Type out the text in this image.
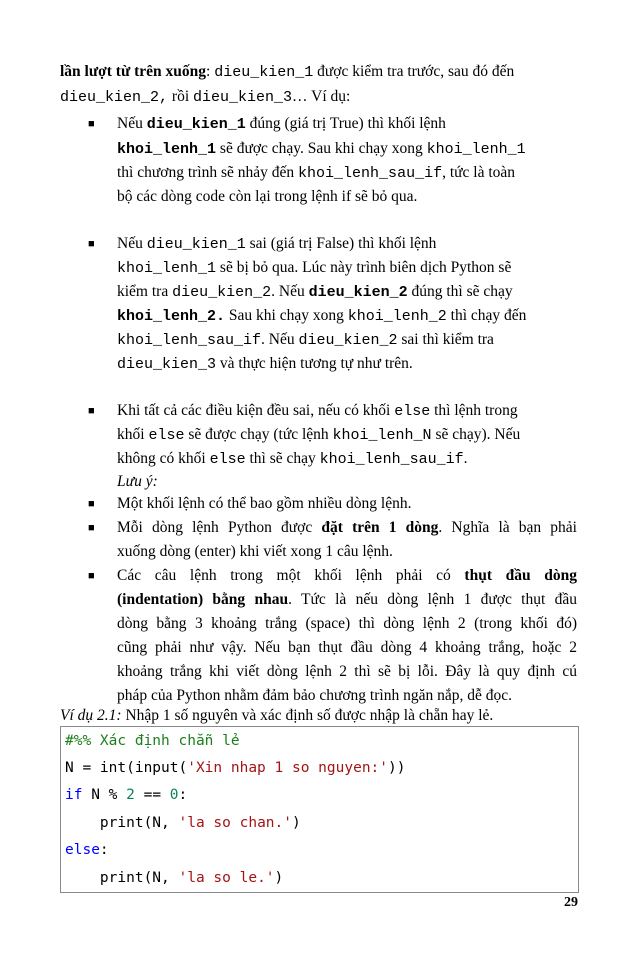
lần lượt từ trên xuống: dieu_kien_1 được kiểm tra trước, sau đó đến
dieu_kien_2, rồi dieu_kien_3… Ví dụ:
■ Nếu dieu_kien_1 đúng (giá trị True) thì khối lệnh
khoi_lenh_1 sẽ được chạy. Sau khi chạy xong khoi_lenh_1
thì chương trình sẽ nhảy đến khoi_lenh_sau_if, tức là toàn
bộ các dòng code còn lại trong lệnh if sẽ bỏ qua.
■ Nếu dieu_kien_1 sai (giá trị False) thì khối lệnh
khoi_lenh_1 sẽ bị bỏ qua. Lúc này trình biên dịch Python sẽ
kiểm tra dieu_kien_2. Nếu dieu_kien_2 đúng thì sẽ chạy
khoi_lenh_2. Sau khi chạy xong khoi_lenh_2 thì chạy đến
khoi_lenh_sau_if. Nếu dieu_kien_2 sai thì kiểm tra
dieu_kien_3 và thực hiện tương tự như trên.
■ Khi tất cả các điều kiện đều sai, nếu có khối else thì lệnh trong
khối else sẽ được chạy (tức lệnh khoi_lenh_N sẽ chạy). Nếu
không có khối else thì sẽ chạy khoi_lenh_sau_if.
Lưu ý:
■ Một khối lệnh có thể bao gồm nhiều dòng lệnh.
■ Mỗi dòng lệnh Python được đặt trên 1 dòng. Nghĩa là bạn phải
xuống dòng (enter) khi viết xong 1 câu lệnh.
■ Các câu lệnh trong một khối lệnh phải có thụt đầu dòng
(indentation) bằng nhau. Tức là nếu dòng lệnh 1 được thụt đầu
dòng bằng 3 khoảng trắng (space) thì dòng lệnh 2 (trong khối đó)
cũng phải như vậy. Nếu bạn thụt đầu dòng 4 khoảng trắng, hoặc 2
khoảng trắng khi viết dòng lệnh 2 thì sẽ bị lỗi. Đây là quy định cú
pháp của Python nhằm đảm bảo chương trình ngăn nắp, dễ đọc.
Ví dụ 2.1: Nhập 1 số nguyên và xác định số được nhập là chẵn hay lẻ.
#%% Xác định chẵn lẻ
N = int(input('Xin nhap 1 so nguyen:'))
if N % 2 == 0:
print(N, 'la so chan.')
else:
print(N, 'la so le.')
29
